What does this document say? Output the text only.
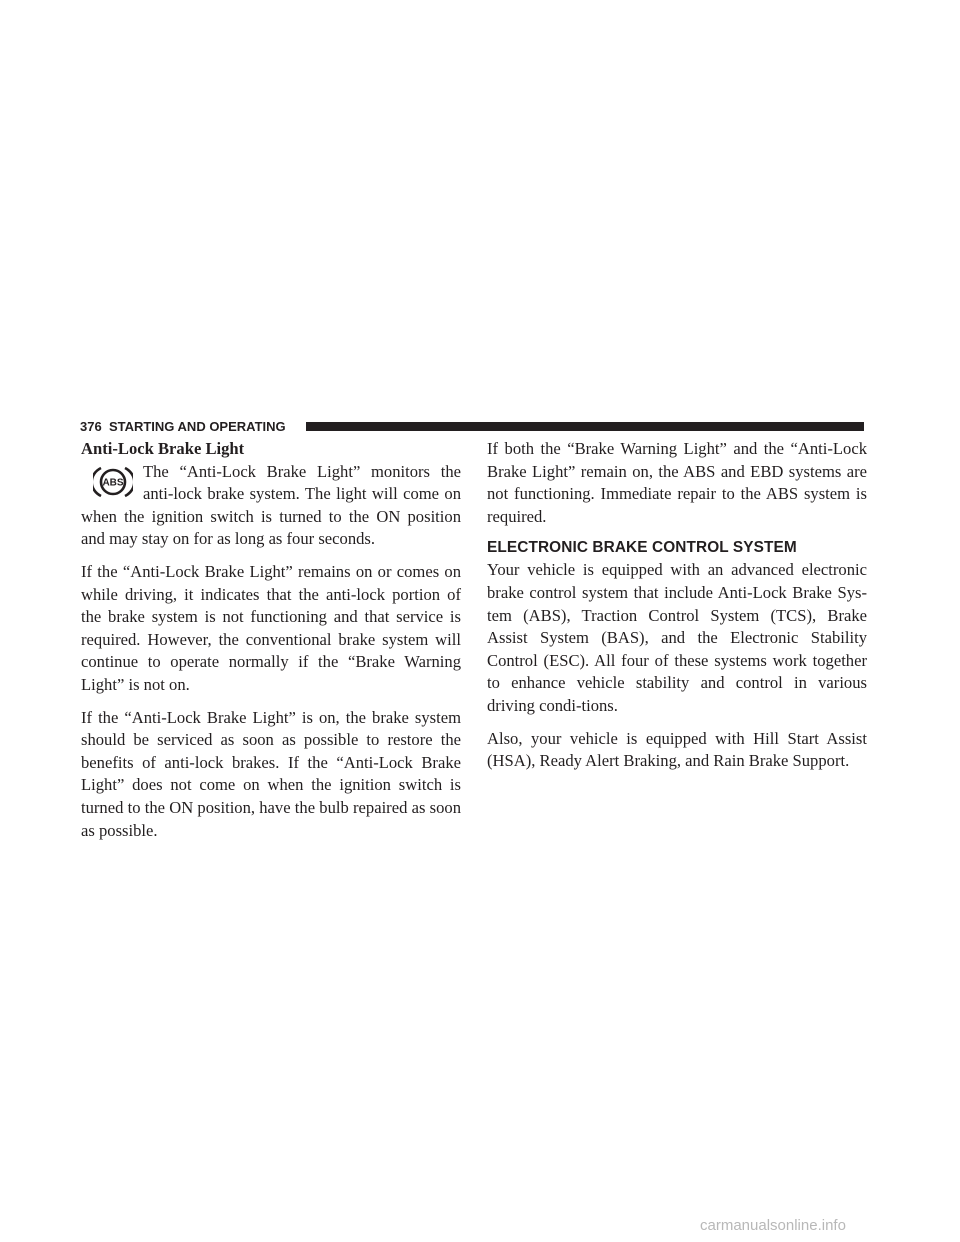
376 STARTING AND OPERATING
Anti-Lock Brake Light
ABS

The “Anti-Lock Brake Light” monitors the anti-lock brake system. The light will come on when the ignition switch is turned to the ON position and may stay on for as long as four seconds.

If the “Anti-Lock Brake Light” remains on or comes on while driving, it indicates that the anti-lock portion of the brake system is not functioning and that service is required. However, the conventional brake system will continue to operate normally if the “Brake Warning Light” is not on.

If the “Anti-Lock Brake Light” is on, the brake system should be serviced as soon as possible to restore the benefits of anti-lock brakes. If the “Anti-Lock Brake Light” does not come on when the ignition switch is turned to the ON position, have the bulb repaired as soon as possible.

If both the “Brake Warning Light” and the “Anti-Lock Brake Light” remain on, the ABS and EBD systems are not functioning. Immediate repair to the ABS system is required.

ELECTRONIC BRAKE CONTROL SYSTEM

Your vehicle is equipped with an advanced electronic brake control system that include Anti-Lock Brake Sys-tem (ABS), Traction Control System (TCS), Brake Assist System (BAS), and the Electronic Stability Control (ESC). All four of these systems work together to enhance vehicle stability and control in various driving condi-tions.

Also, your vehicle is equipped with Hill Start Assist (HSA), Ready Alert Braking, and Rain Brake Support.

carmanualsonline.info
